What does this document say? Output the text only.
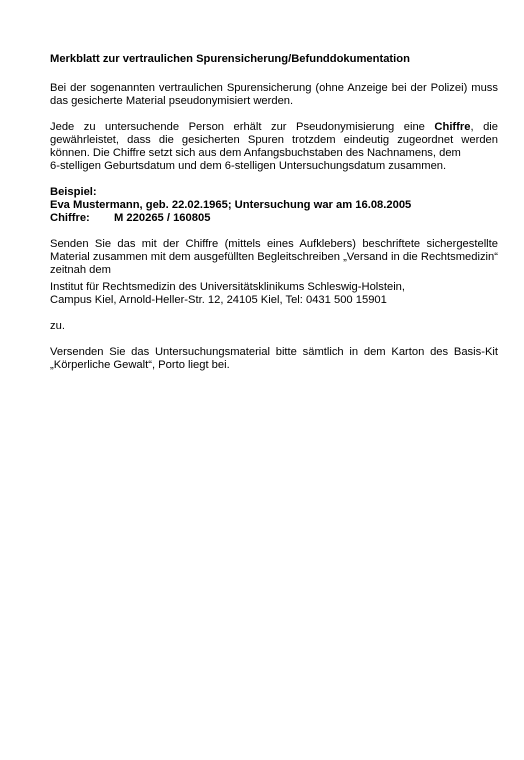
Merkblatt zur vertraulichen Spurensicherung/Befunddokumentation

Bei der sogenannten vertraulichen Spurensicherung (ohne Anzeige bei der Polizei) muss das gesicherte Material pseudonymisiert werden.

Jede zu untersuchende Person erhält zur Pseudonymisierung eine Chiffre, die gewährleistet, dass die gesicherten Spuren trotzdem eindeutig zugeordnet werden können. Die Chiffre setzt sich aus dem Anfangsbuchstaben des Nachnamens, dem
6-stelligen Geburtsdatum und dem 6-stelligen Untersuchungsdatum zusammen.

Beispiel:
Eva Mustermann, geb. 22.02.1965; Untersuchung war am 16.08.2005
Chiffre: M 220265 / 160805

Senden Sie das mit der Chiffre (mittels eines Aufklebers) beschriftete sichergestellte Material zusammen mit dem ausgefüllten Begleitschreiben „Versand in die Rechtsmedizin“ zeitnah dem

Institut für Rechtsmedizin des Universitätsklinikums Schleswig-Holstein,
Campus Kiel, Arnold-Heller-Str. 12, 24105 Kiel, Tel: 0431 500 15901

zu.

Versenden Sie das Untersuchungsmaterial bitte sämtlich in dem Karton des Basis-Kit „Körperliche Gewalt“, Porto liegt bei.
